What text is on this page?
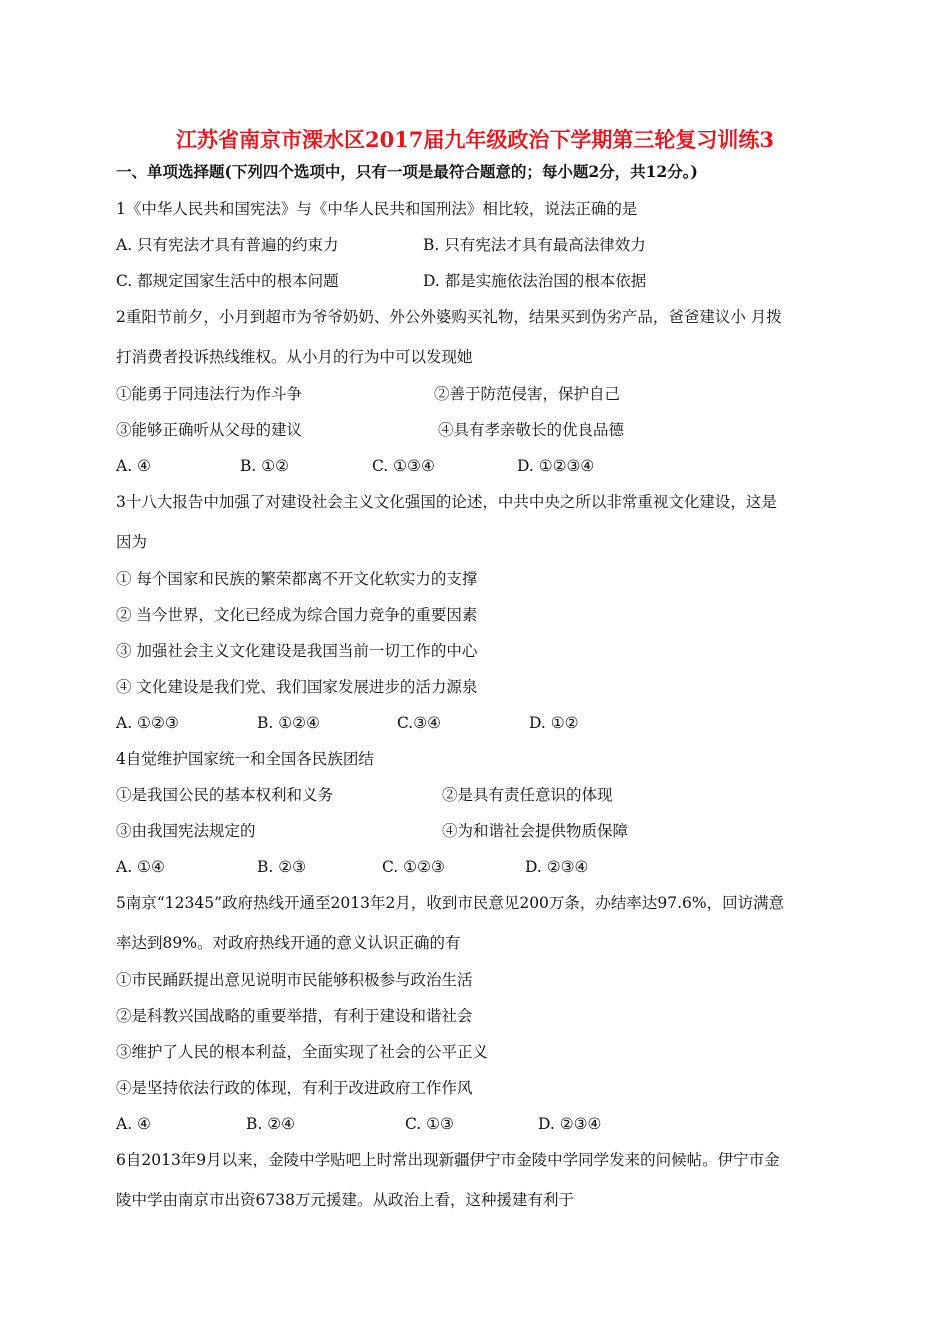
江苏省南京市溧水区2017届九年级政治下学期第三轮复习训练3
一、单项选择题(下列四个选项中，只有一项是最符合题意的；每小题2分，共12分。)
1《中华人民共和国宪法》与《中华人民共和国刑法》相比较，说法正确的是
A. 只有宪法才具有普遍的约束力	B. 只有宪法才具有最高法律效力
C. 都规定国家生活中的根本问题	D. 都是实施依法治国的根本依据
2重阳节前夕，小月到超市为爷爷奶奶、外公外婆购买礼物，结果买到伪劣产品，爸爸建议小 月拨
打消费者投诉热线维权。从小月的行为中可以发现她
①能勇于同违法行为作斗争	②善于防范侵害，保护自己
③能够正确听从父母的建议	④具有孝亲敬长的优良品德
A. ④	B. ①②	C. ①③④	D. ①②③④
3十八大报告中加强了对建设社会主义文化强国的论述，中共中央之所以非常重视文化建设，这是
因为
① 每个国家和民族的繁荣都离不开文化软实力的支撑
② 当今世界，文化已经成为综合国力竞争的重要因素
③ 加强社会主义文化建设是我国当前一切工作的中心
④ 文化建设是我们党、我们国家发展进步的活力源泉
A. ①②③	B. ①②④	C.③④	D. ①②
4自觉维护国家统一和全国各民族团结
①是我国公民的基本权利和义务	②是具有责任意识的体现
③由我国宪法规定的	④为和谐社会提供物质保障
A. ①④	B. ②③	C. ①②③	D. ②③④
5南京“12345”政府热线开通至2013年2月，收到市民意见200万条，办结率达97.6%，回访满意
率达到89%。对政府热线开通的意义认识正确的有
①市民踊跃提出意见说明市民能够积极参与政治生活
②是科教兴国战略的重要举措，有利于建设和谐社会
③维护了人民的根本利益，全面实现了社会的公平正义
④是坚持依法行政的体现，有利于改进政府工作作风
A. ④	B. ②④	C. ①③	D. ②③④
6自2013年9月以来，金陵中学贴吧上时常出现新疆伊宁市金陵中学同学发来的问候帖。伊宁市金
陵中学由南京市出资6738万元援建。从政治上看，这种援建有利于
